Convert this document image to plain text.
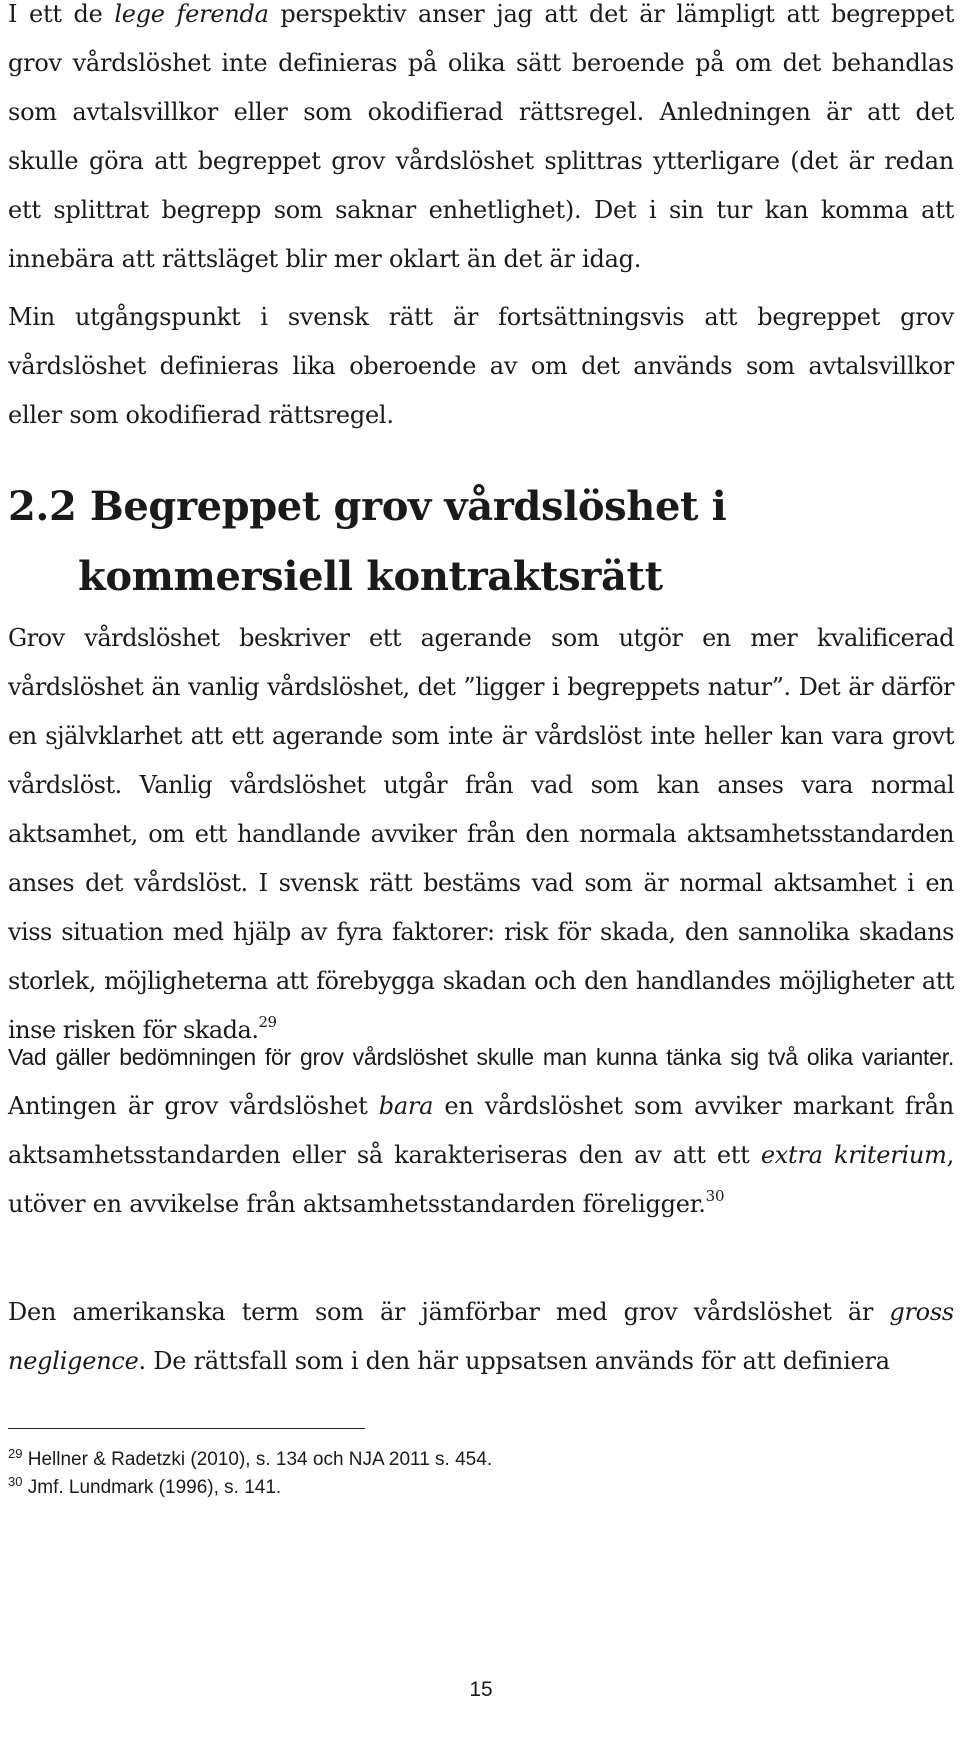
I ett de lege ferenda perspektiv anser jag att det är lämpligt att begreppet grov vårdslöshet inte definieras på olika sätt beroende på om det behandlas som avtalsvillkor eller som okodifierad rättsregel. Anledningen är att det skulle göra att begreppet grov vårdslöshet splittras ytterligare (det är redan ett splittrat begrepp som saknar enhetlighet). Det i sin tur kan komma att innebära att rättsläget blir mer oklart än det är idag.

Min utgångspunkt i svensk rätt är fortsättningsvis att begreppet grov vårdslöshet definieras lika oberoende av om det används som avtalsvillkor eller som okodifierad rättsregel.

2.2 Begreppet grov vårdslöshet i
kommersiell kontraktsrätt

Grov vårdslöshet beskriver ett agerande som utgör en mer kvalificerad vårdslöshet än vanlig vårdslöshet, det ”ligger i begreppets natur”. Det är därför en självklarhet att ett agerande som inte är vårdslöst inte heller kan vara grovt vårdslöst. Vanlig vårdslöshet utgår från vad som kan anses vara normal aktsamhet, om ett handlande avviker från den normala aktsamhetsstandarden anses det vårdslöst. I svensk rätt bestäms vad som är normal aktsamhet i en viss situation med hjälp av fyra faktorer: risk för skada, den sannolika skadans storlek, möjligheterna att förebygga skadan och den handlandes möjligheter att inse risken för skada.$^{29}$

Vad gäller bedömningen för grov vårdslöshet skulle man kunna tänka sig två olika varianter. Antingen är grov vårdslöshet bara en vårdslöshet som avviker markant från aktsamhetsstandarden eller så karakteriseras den av att ett extra kriterium, utöver en avvikelse från aktsamhetsstandarden föreligger.$^{30}$

Den amerikanska term som är jämförbar med grov vårdslöshet är gross negligence. De rättsfall som i den här uppsatsen används för att definiera

$^{29}$ Hellner & Radetzki (2010), s. 134 och NJA 2011 s. 454.
$^{30}$ Jmf. Lundmark (1996), s. 141.
15
